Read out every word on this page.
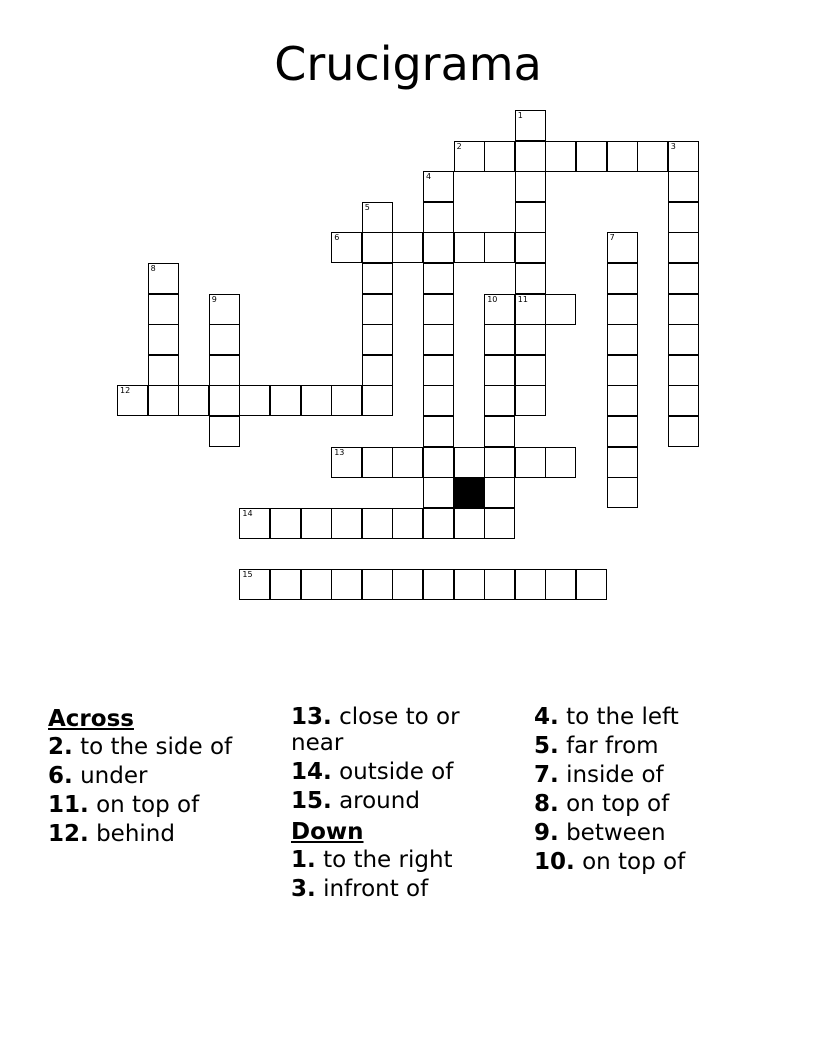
Crucigrama
1
2	3
4
5
6	7
8
9	10	11
12
13
14
15
Across
2. to the side of
6. under
11. on top of
12. behind
13. close to or near
14. outside of
15. around
Down
1. to the right
3. infront of
4. to the left
5. far from
7. inside of
8. on top of
9. between
10. on top of
